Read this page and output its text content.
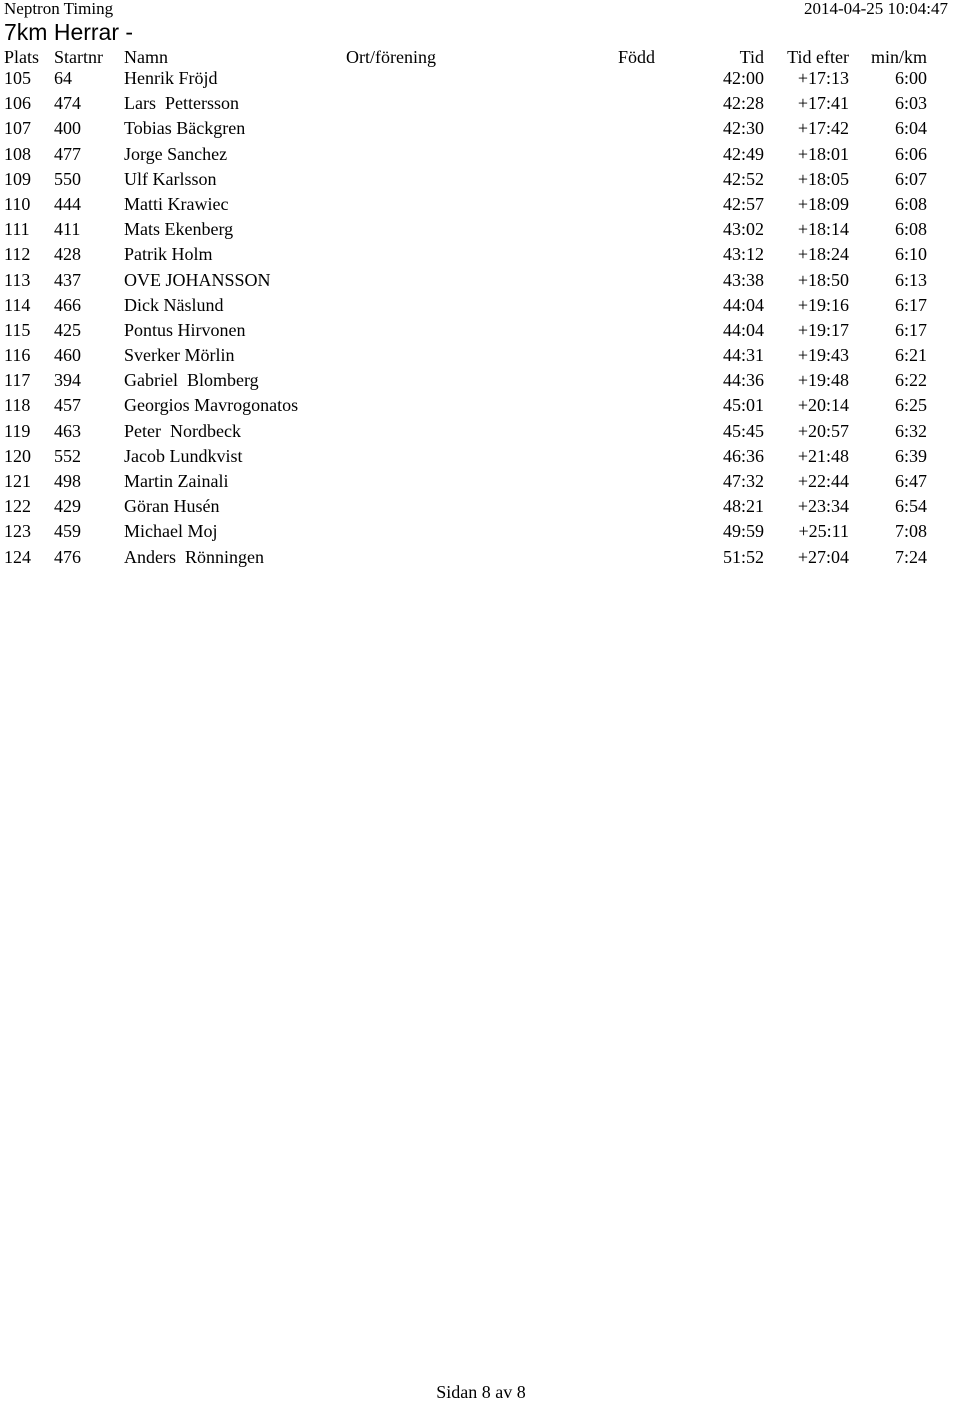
Neptron Timing	2014-04-25 10:04:47
7km Herrar -
Plats Startnr Namn	Ort/förening	Född	Tid Tid efter min/km
105 64	Henrik Fröjd	42:00 +17:13	6:00
106 474 Lars  Pettersson	42:28 +17:41	6:03
107 400 Tobias Bäckgren	42:30 +17:42	6:04
108 477 Jorge Sanchez	42:49 +18:01	6:06
109 550 Ulf Karlsson	42:52 +18:05	6:07
110 444 Matti Krawiec	42:57 +18:09	6:08
111 411 Mats Ekenberg	43:02 +18:14	6:08
112 428 Patrik Holm	43:12 +18:24	6:10
113 437 OVE JOHANSSON	43:38 +18:50	6:13
114 466 Dick Näslund	44:04 +19:16	6:17
115 425 Pontus Hirvonen	44:04 +19:17	6:17
116 460 Sverker Mörlin	44:31 +19:43	6:21
117 394 Gabriel  Blomberg	44:36 +19:48	6:22
118 457 Georgios Mavrogonatos	45:01 +20:14	6:25
119 463 Peter  Nordbeck	45:45 +20:57	6:32
120 552 Jacob Lundkvist	46:36 +21:48	6:39
121 498 Martin Zainali	47:32 +22:44	6:47
122 429 Göran Husén	48:21 +23:34	6:54
123 459 Michael Moj	49:59 +25:11	7:08
124 476 Anders  Rönningen	51:52 +27:04	7:24
Sidan 8 av 8
